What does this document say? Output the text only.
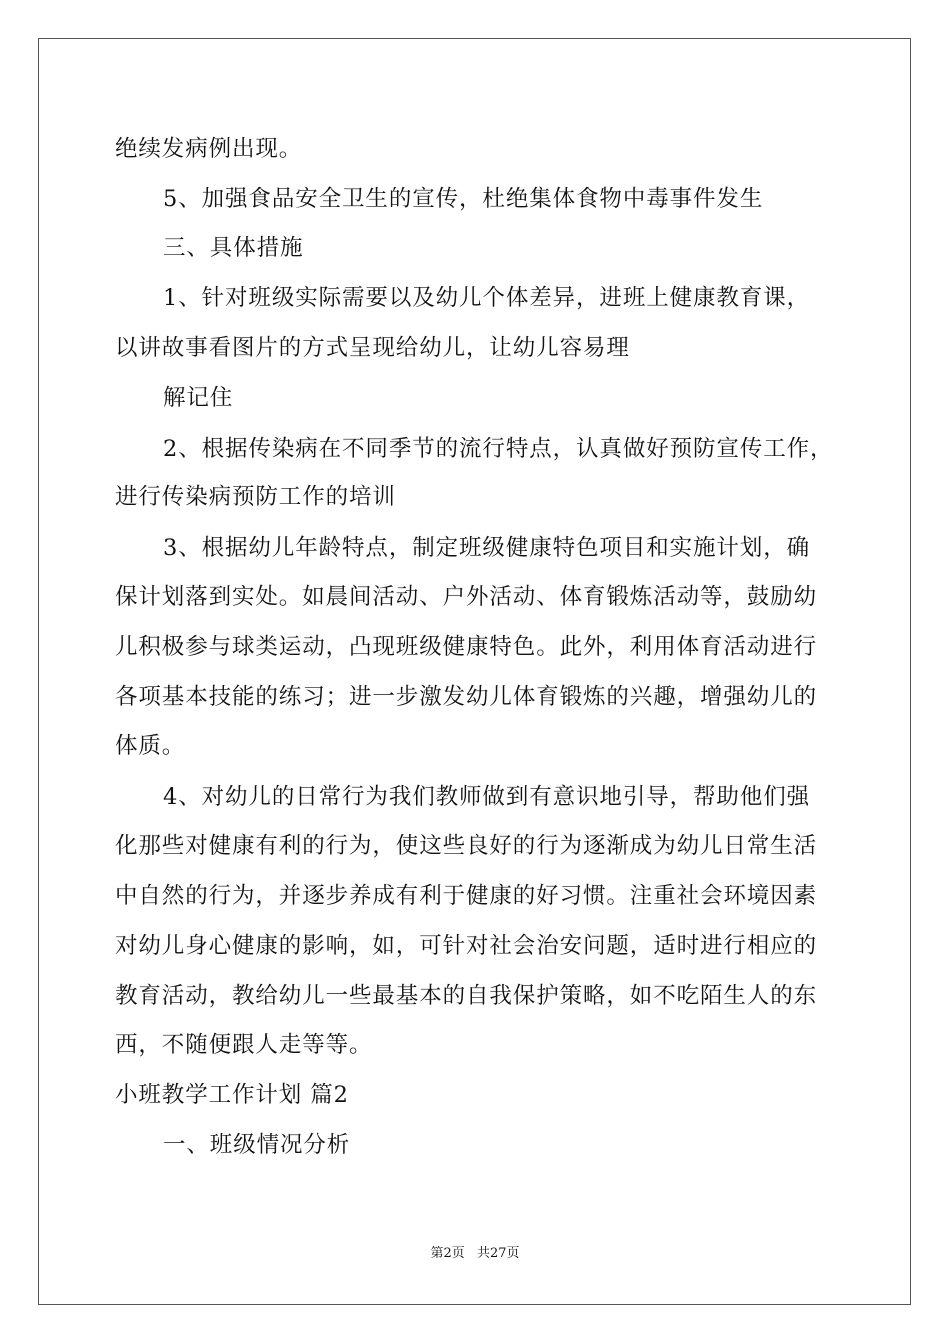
绝续发病例出现。
5、加强食品安全卫生的宣传，杜绝集体食物中毒事件发生
三、具体措施
1、针对班级实际需要以及幼儿个体差异，进班上健康教育课，
以讲故事看图片的方式呈现给幼儿，让幼儿容易理
解记住
2、根据传染病在不同季节的流行特点，认真做好预防宣传工作，
进行传染病预防工作的培训
3、根据幼儿年龄特点，制定班级健康特色项目和实施计划，确
保计划落到实处。如晨间活动、户外活动、体育锻炼活动等，鼓励幼
儿积极参与球类运动，凸现班级健康特色。此外，利用体育活动进行
各项基本技能的练习；进一步激发幼儿体育锻炼的兴趣，增强幼儿的
体质。
4、对幼儿的日常行为我们教师做到有意识地引导，帮助他们强
化那些对健康有利的行为，使这些良好的行为逐渐成为幼儿日常生活
中自然的行为，并逐步养成有利于健康的好习惯。注重社会环境因素
对幼儿身心健康的影响，如，可针对社会治安问题，适时进行相应的
教育活动，教给幼儿一些最基本的自我保护策略，如不吃陌生人的东
西，不随便跟人走等等。
小班教学工作计划 篇2
一、班级情况分析
第2页 共27页
